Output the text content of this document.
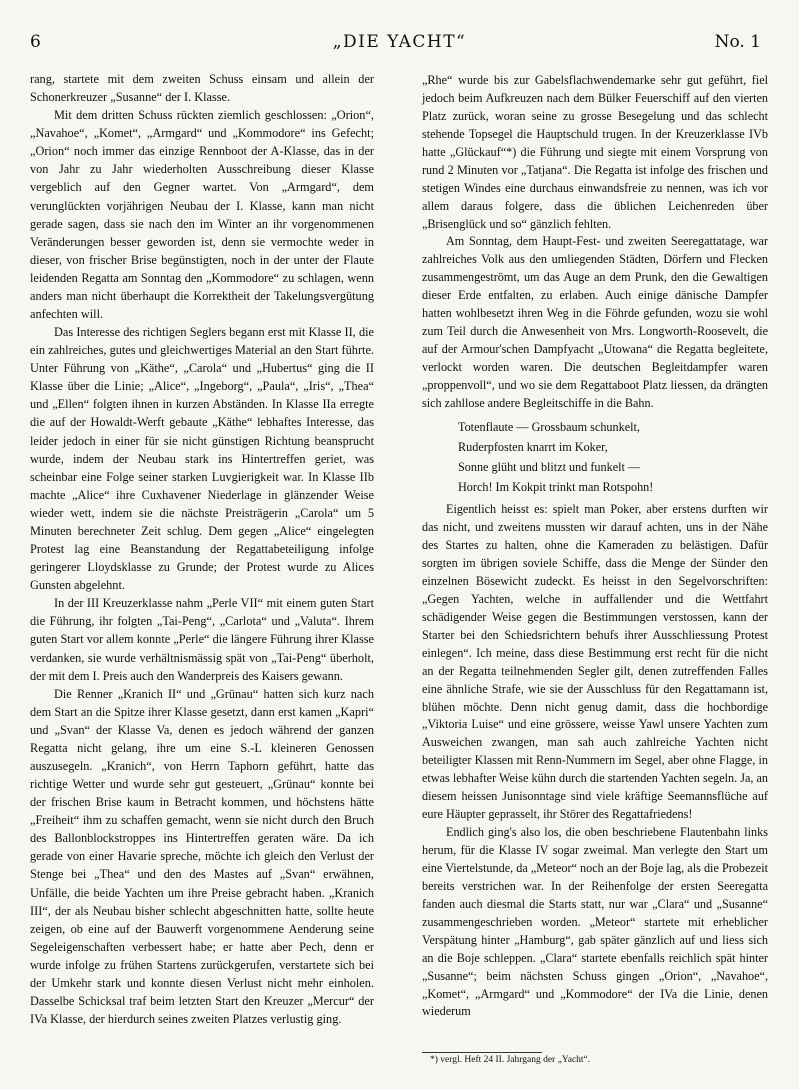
6	„DIE YACHT“	No. 1

rang, startete mit dem zweiten Schuss einsam und allein der Schonerkreuzer „Susanne“ der I. Klasse.

Mit dem dritten Schuss rückten ziemlich geschlossen: „Orion“, „Navahoe“, „Komet“, „Armgard“ und „Kommodore“ ins Gefecht; „Orion“ noch immer das einzige Rennboot der A-Klasse, das in der von Jahr zu Jahr wiederholten Ausschreibung dieser Klasse vergeblich auf den Gegner wartet. Von „Armgard“, dem verunglückten vorjährigen Neubau der I. Klasse, kann man nicht gerade sagen, dass sie nach den im Winter an ihr vorgenommenen Veränderungen besser geworden ist, denn sie vermochte weder in dieser, von frischer Brise begünstigten, noch in der unter der Flaute leidenden Regatta am Sonntag den „Kommodore“ zu schlagen, wenn anders man nicht überhaupt die Korrektheit der Takelungsvergütung anfechten will.

Das Interesse des richtigen Seglers begann erst mit Klasse II, die ein zahlreiches, gutes und gleichwertiges Material an den Start führte. Unter Führung von „Käthe“, „Carola“ und „Hubertus“ ging die II Klasse über die Linie; „Alice“, „Ingeborg“, „Paula“, „Iris“, „Thea“ und „Ellen“ folgten ihnen in kurzen Abständen. In Klasse IIa erregte die auf der Howaldt-Werft gebaute „Käthe“ lebhaftes Interesse, das leider jedoch in einer für sie nicht günstigen Richtung beansprucht wurde, indem der Neubau stark ins Hintertreffen geriet, was scheinbar eine Folge seiner starken Luvgierigkeit war. In Klasse IIb machte „Alice“ ihre Cuxhavener Niederlage in glänzender Weise wieder wett, indem sie die nächste Preisträgerin „Carola“ um 5 Minuten berechneter Zeit schlug. Dem gegen „Alice“ eingelegten Protest lag eine Beanstandung der Regattabeteiligung infolge geringerer Lloydsklasse zu Grunde; der Protest wurde zu Alices Gunsten abgelehnt.

In der III Kreuzerklasse nahm „Perle VII“ mit einem guten Start die Führung, ihr folgten „Tai-Peng“, „Carlota“ und „Valuta“. Ihrem guten Start vor allem konnte „Perle“ die längere Führung ihrer Klasse verdanken, sie wurde verhältnismässig spät von „Tai-Peng“ überholt, der mit dem I. Preis auch den Wanderpreis des Kaisers gewann.

Die Renner „Kranich II“ und „Grünau“ hatten sich kurz nach dem Start an die Spitze ihrer Klasse gesetzt, dann erst kamen „Kapri“ und „Svan“ der Klasse Va, denen es jedoch während der ganzen Regatta nicht gelang, ihre um eine S.-L kleineren Genossen auszusegeln. „Kranich“, von Herrn Taphorn geführt, hatte das richtige Wetter und wurde sehr gut gesteuert, „Grünau“ konnte bei der frischen Brise kaum in Betracht kommen, und höchstens hätte „Freiheit“ ihm zu schaffen gemacht, wenn sie nicht durch den Bruch des Ballonblockstroppes ins Hintertreffen geraten wäre. Da ich gerade von einer Havarie spreche, möchte ich gleich den Verlust der Stenge bei „Thea“ und den des Mastes auf „Svan“ erwähnen, Unfälle, die beide Yachten um ihre Preise gebracht haben. „Kranich III“, der als Neubau bisher schlecht abgeschnitten hatte, sollte heute zeigen, ob eine auf der Bauwerft vorgenommene Aenderung seine Segeleigenschaften verbessert habe; er hatte aber Pech, denn er wurde infolge zu frühen Startens zurückgerufen, verstartete sich bei der Umkehr stark und konnte diesen Verlust nicht mehr einholen. Dasselbe Schicksal traf beim letzten Start den Kreuzer „Mercur“ der IVa Klasse, der hierdurch seines zweiten Platzes verlustig ging.

„Rhe“ wurde bis zur Gabelsflachwendemarke sehr gut geführt, fiel jedoch beim Aufkreuzen nach dem Bülker Feuerschiff auf den vierten Platz zurück, woran seine zu grosse Besegelung und das schlecht stehende Topsegel die Hauptschuld trugen. In der Kreuzerklasse IVb hatte „Glückauf“*) die Führung und siegte mit einem Vorsprung von rund 2 Minuten vor „Tatjana“. Die Regatta ist infolge des frischen und stetigen Windes eine durchaus einwandsfreie zu nennen, was ich vor allem daraus folgere, dass die üblichen Leichenreden über „Brisenglück und so“ gänzlich fehlten.

Am Sonntag, dem Haupt-Fest- und zweiten Seeregattatage, war zahlreiches Volk aus den umliegenden Städten, Dörfern und Flecken zusammengeströmt, um das Auge an dem Prunk, den die Gewaltigen dieser Erde entfalten, zu erlaben. Auch einige dänische Dampfer hatten wohlbesetzt ihren Weg in die Föhrde gefunden, wozu sie wohl zum Teil durch die Anwesenheit von Mrs. Longworth-Roosevelt, die auf der Armour'schen Dampfyacht „Utowana“ die Regatta begleitete, verlockt worden waren. Die deutschen Begleitdampfer waren „proppenvoll“, und wo sie dem Regattaboot Platz liessen, da drängten sich zahllose andere Begleitschiffe in die Bahn.

Totenflaute — Grossbaum schunkelt,
Ruderpfosten knarrt im Koker,
Sonne glüht und blitzt und funkelt —
Horch! Im Kokpit trinkt man Rotspohn!

Eigentlich heisst es: spielt man Poker, aber erstens durften wir das nicht, und zweitens mussten wir darauf achten, uns in der Nähe des Startes zu halten, ohne die Kameraden zu belästigen. Dafür sorgten im übrigen soviele Schiffe, dass die Menge der Sünder den einzelnen Bösewicht zudeckt. Es heisst in den Segelvorschriften: „Gegen Yachten, welche in auffallender und die Wettfahrt schädigender Weise gegen die Bestimmungen verstossen, kann der Starter bei den Schiedsrichtern behufs ihrer Ausschliessung Protest einlegen“. Ich meine, dass diese Bestimmung erst recht für die nicht an der Regatta teilnehmenden Segler gilt, denen zutreffenden Falles eine ähnliche Strafe, wie sie der Ausschluss für den Regattamann ist, blühen möchte. Denn nicht genug damit, dass die hochbordige „Viktoria Luise“ und eine grössere, weisse Yawl unsere Yachten zum Ausweichen zwangen, man sah auch zahlreiche Yachten nicht beteiligter Klassen mit Renn-Nummern im Segel, aber ohne Flagge, in etwas lebhafter Weise kühn durch die startenden Yachten segeln. Ja, an diesem heissen Junisonntage sind viele kräftige Seemannsflüche auf eure Häupter geprasselt, ihr Störer des Regattafriedens!

Endlich ging's also los, die oben beschriebene Flautenbahn links herum, für die Klasse IV sogar zweimal. Man verlegte den Start um eine Viertelstunde, da „Meteor“ noch an der Boje lag, als die Probezeit bereits verstrichen war. In der Reihenfolge der ersten Seeregatta fanden auch diesmal die Starts statt, nur war „Clara“ und „Susanne“ zusammengeschrieben worden. „Meteor“ startete mit erheblicher Verspätung hinter „Hamburg“, gab später gänzlich auf und liess sich an die Boje schleppen. „Clara“ startete ebenfalls reichlich spät hinter „Susanne“; beim nächsten Schuss gingen „Orion“, „Navahoe“, „Komet“, „Armgard“ und „Kommodore“ der IVa die Linie, denen wiederum

*) vergl. Heft 24 II. Jahrgang der „Yacht“.
